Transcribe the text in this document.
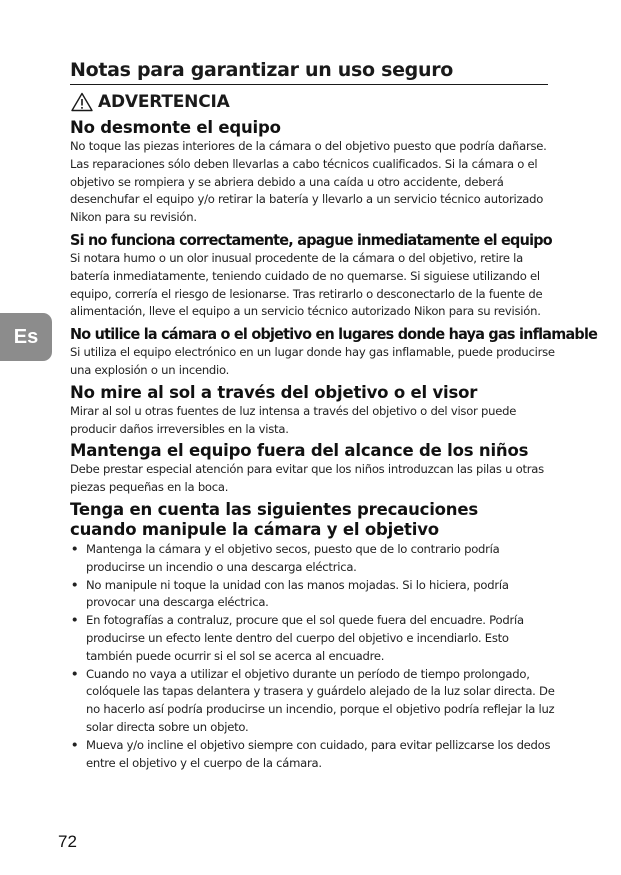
Notas para garantizar un uso seguro
ADVERTENCIA
No desmonte el equipo

No toque las piezas interiores de la cámara o del objetivo puesto que podría dañarse. Las reparaciones sólo deben llevarlas a cabo técnicos cualificados. Si la cámara o el objetivo se rompiera y se abriera debido a una caída u otro accidente, deberá desenchufar el equipo y/o retirar la batería y llevarlo a un servicio técnico autorizado Nikon para su revisión.

Si no funciona correctamente, apague inmediatamente el equipo

Si notara humo o un olor inusual procedente de la cámara o del objetivo, retire la batería inmediatamente, teniendo cuidado de no quemarse. Si siguiese utilizando el equipo, correría el riesgo de lesionarse. Tras retirarlo o desconectarlo de la fuente de alimentación, lleve el equipo a un servicio técnico autorizado Nikon para su revisión.

No utilice la cámara o el objetivo en lugares donde haya gas inflamable

Si utiliza el equipo electrónico en un lugar donde hay gas inflamable, puede producirse una explosión o un incendio.

No mire al sol a través del objetivo o el visor

Mirar al sol u otras fuentes de luz intensa a través del objetivo o del visor puede producir daños irreversibles en la vista.

Mantenga el equipo fuera del alcance de los niños

Debe prestar especial atención para evitar que los niños introduzcan las pilas u otras piezas pequeñas en la boca.

Tenga en cuenta las siguientes precauciones cuando manipule la cámara y el objetivo
• Mantenga la cámara y el objetivo secos, puesto que de lo contrario podría producirse un incendio o una descarga eléctrica.
• No manipule ni toque la unidad con las manos mojadas. Si lo hiciera, podría provocar una descarga eléctrica.
• En fotografías a contraluz, procure que el sol quede fuera del encuadre. Podría producirse un efecto lente dentro del cuerpo del objetivo e incendiarlo. Esto también puede ocurrir si el sol se acerca al encuadre.
• Cuando no vaya a utilizar el objetivo durante un período de tiempo prolongado, colóquele las tapas delantera y trasera y guárdelo alejado de la luz solar directa. De no hacerlo así podría producirse un incendio, porque el objetivo podría reflejar la luz solar directa sobre un objeto.
• Mueva y/o incline el objetivo siempre con cuidado, para evitar pellizcarse los dedos entre el objetivo y el cuerpo de la cámara.
Es
72
